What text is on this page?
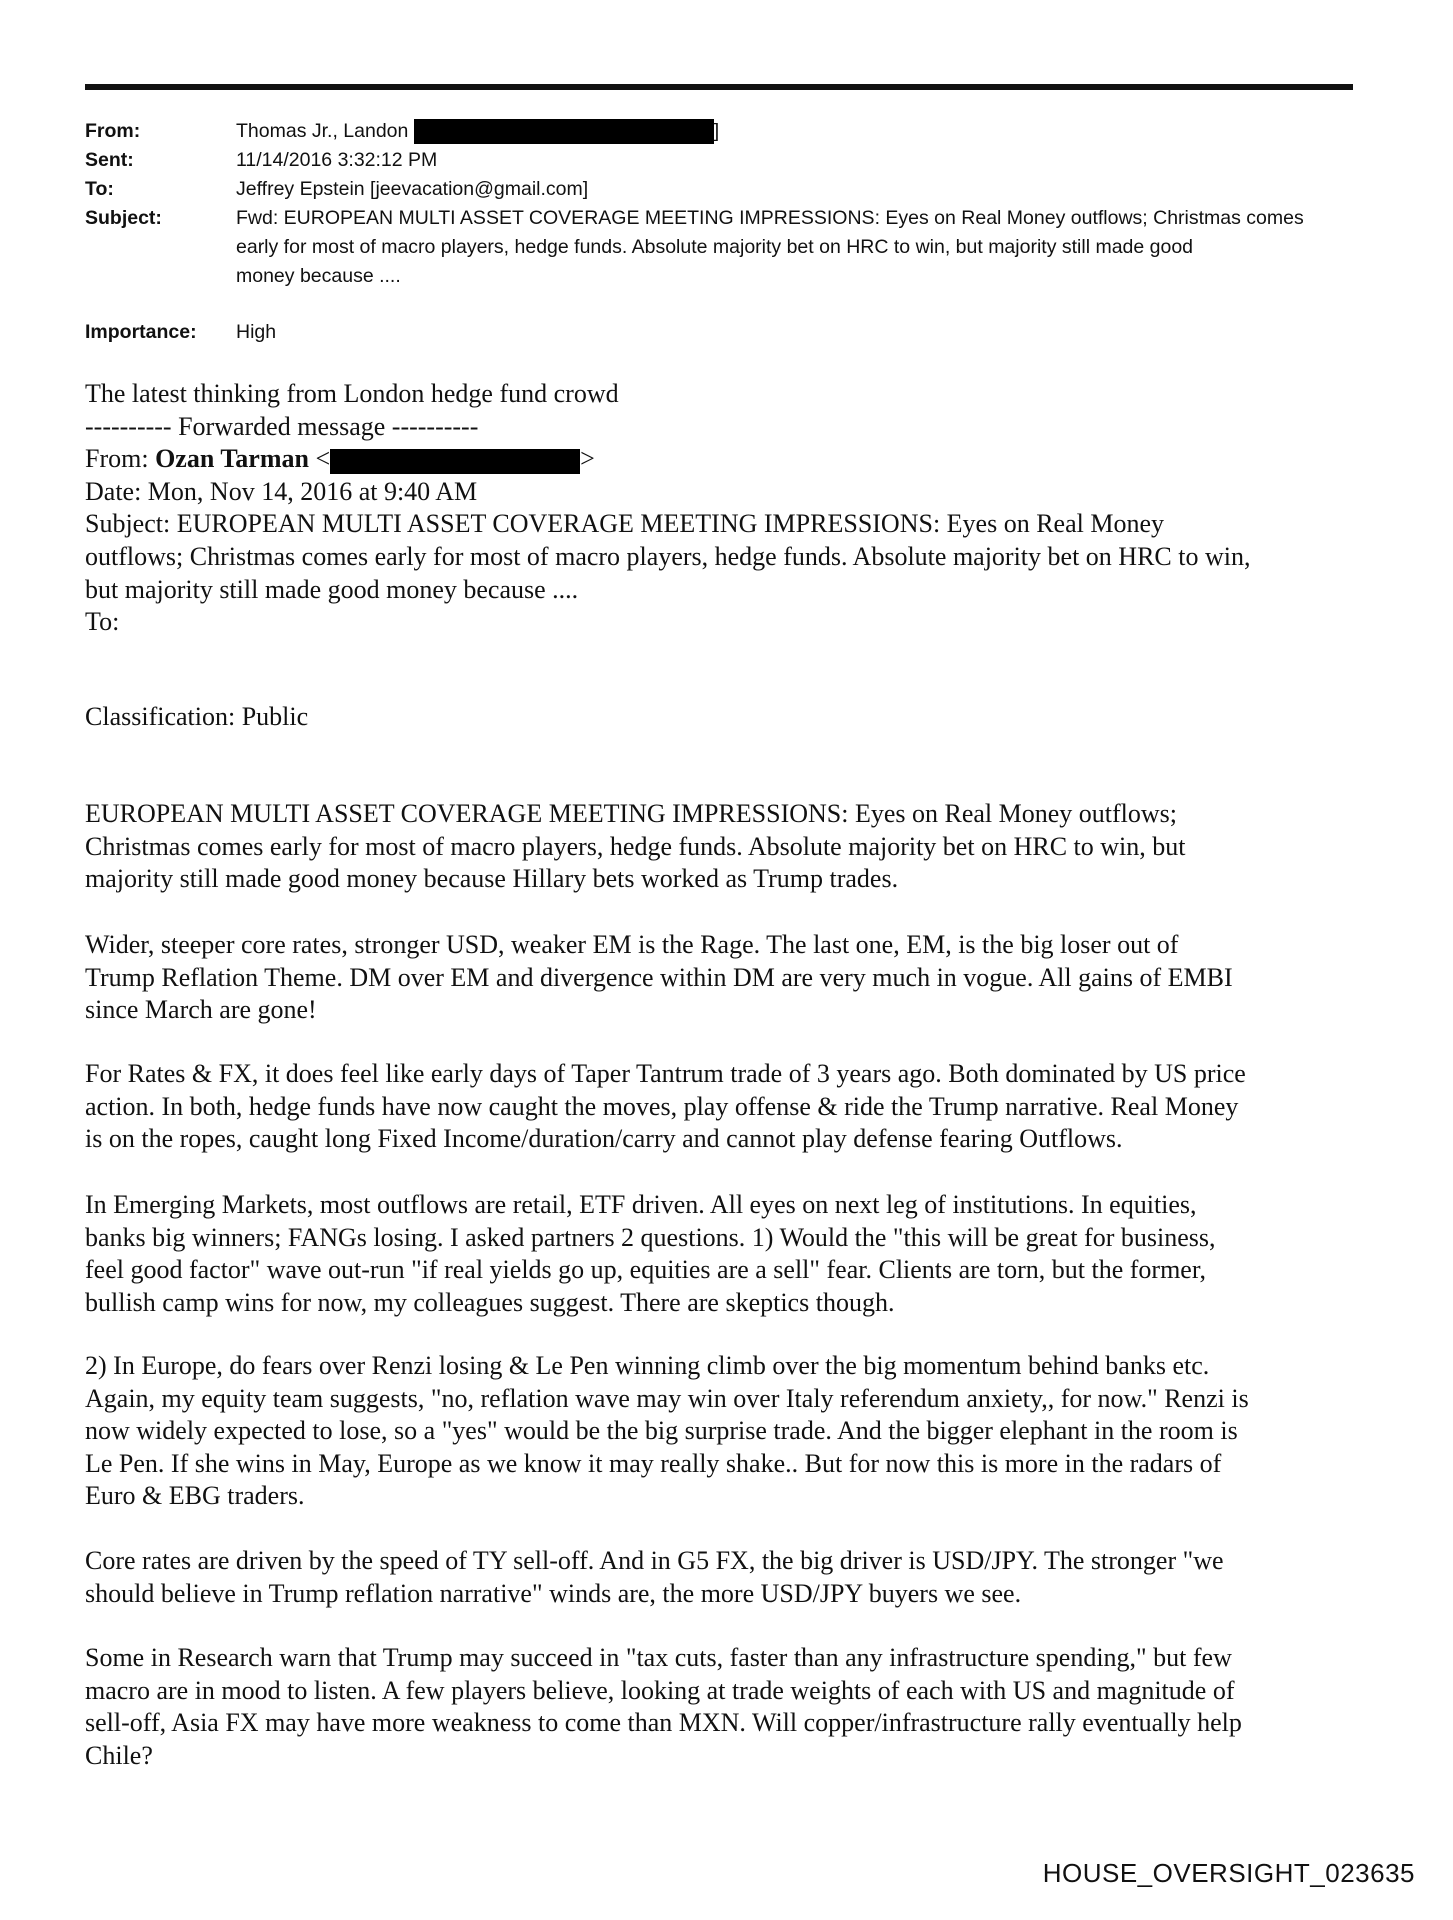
From:	Thomas Jr., Landon	]
Sent:	11/14/2016 3:32:12 PM
To:	Jeffrey Epstein [jeevacation@gmail.com]
Subject:	Fwd: EUROPEAN MULTI ASSET COVERAGE MEETING IMPRESSIONS: Eyes on Real Money outflows; Christmas comes
early for most of macro players, hedge funds. Absolute majority bet on HRC to win, but majority still made good
money because ....
Importance: High
The latest thinking from London hedge fund crowd
---------- Forwarded message ----------
From: Ozan Tarman <	>
Date: Mon, Nov 14, 2016 at 9:40 AM
Subject: EUROPEAN MULTI ASSET COVERAGE MEETING IMPRESSIONS: Eyes on Real Money
outflows; Christmas comes early for most of macro players, hedge funds. Absolute majority bet on HRC to win,
but majority still made good money because ....
To:
Classification: Public
EUROPEAN MULTI ASSET COVERAGE MEETING IMPRESSIONS: Eyes on Real Money outflows;
Christmas comes early for most of macro players, hedge funds. Absolute majority bet on HRC to win, but
majority still made good money because Hillary bets worked as Trump trades.
Wider, steeper core rates, stronger USD, weaker EM is the Rage. The last one, EM, is the big loser out of
Trump Reflation Theme. DM over EM and divergence within DM are very much in vogue. All gains of EMBI
since March are gone!
For Rates & FX, it does feel like early days of Taper Tantrum trade of 3 years ago. Both dominated by US price
action. In both, hedge funds have now caught the moves, play offense & ride the Trump narrative. Real Money
is on the ropes, caught long Fixed Income/duration/carry and cannot play defense fearing Outflows.
In Emerging Markets, most outflows are retail, ETF driven. All eyes on next leg of institutions. In equities,
banks big winners; FANGs losing. I asked partners 2 questions. 1) Would the "this will be great for business,
feel good factor" wave out-run "if real yields go up, equities are a sell" fear. Clients are torn, but the former,
bullish camp wins for now, my colleagues suggest. There are skeptics though.
2) In Europe, do fears over Renzi losing & Le Pen winning climb over the big momentum behind banks etc.
Again, my equity team suggests, "no, reflation wave may win over Italy referendum anxiety,, for now." Renzi is
now widely expected to lose, so a "yes" would be the big surprise trade. And the bigger elephant in the room is
Le Pen. If she wins in May, Europe as we know it may really shake.. But for now this is more in the radars of
Euro & EBG traders.
Core rates are driven by the speed of TY sell-off. And in G5 FX, the big driver is USD/JPY. The stronger "we
should believe in Trump reflation narrative" winds are, the more USD/JPY buyers we see.
Some in Research warn that Trump may succeed in "tax cuts, faster than any infrastructure spending," but few
macro are in mood to listen. A few players believe, looking at trade weights of each with US and magnitude of
sell-off, Asia FX may have more weakness to come than MXN. Will copper/infrastructure rally eventually help
Chile?
HOUSE_OVERSIGHT_023635
